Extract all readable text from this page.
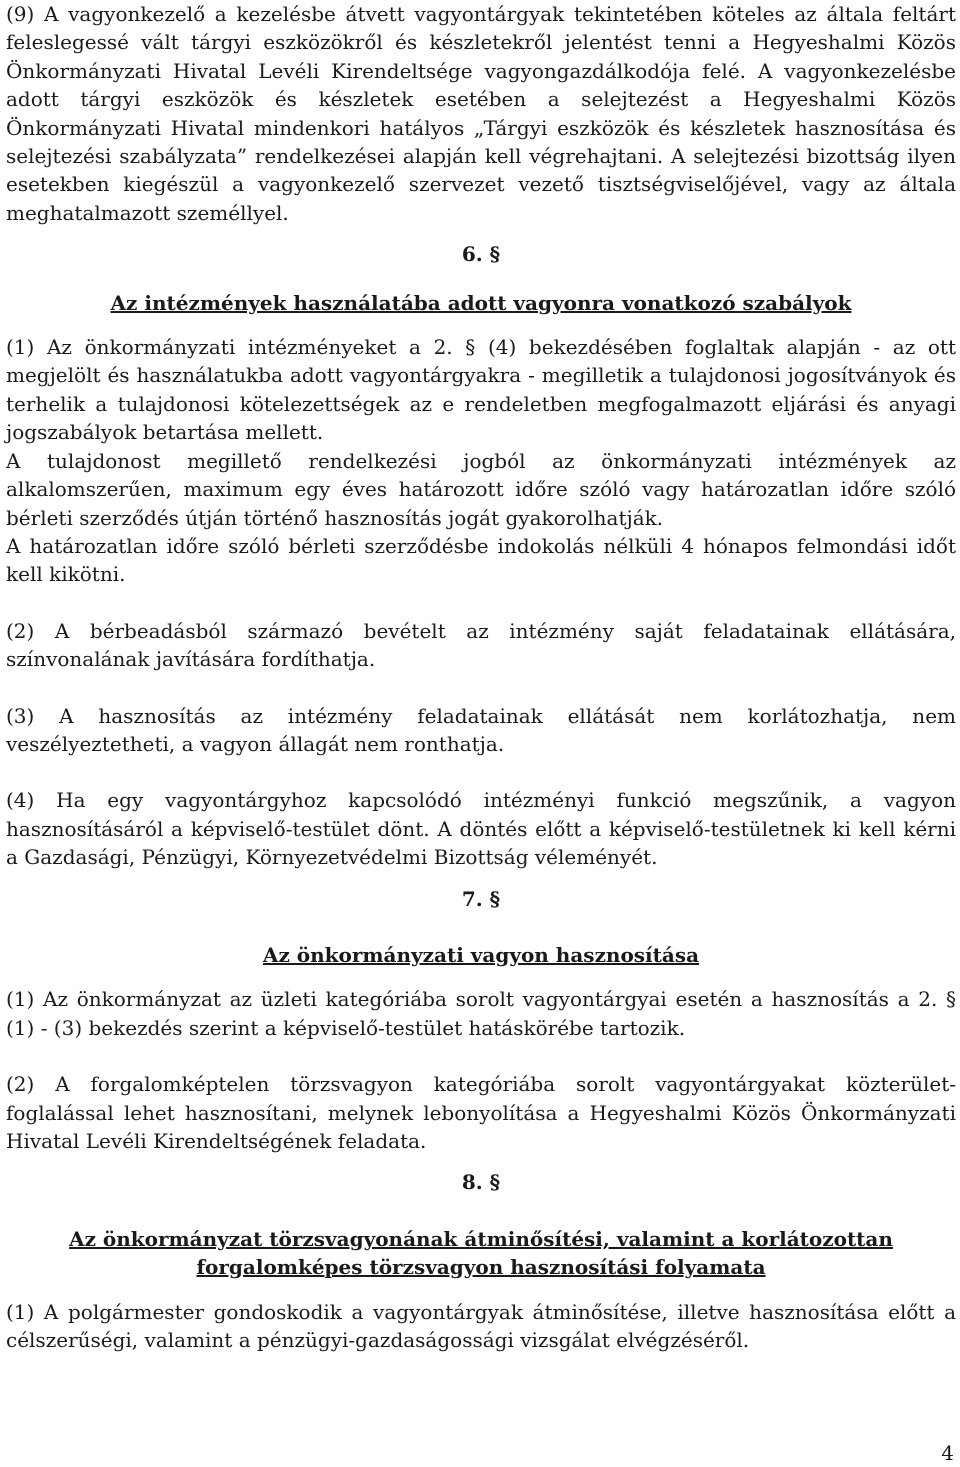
(9) A vagyonkezelő a kezelésbe átvett vagyontárgyak tekintetében köteles az általa feltárt feleslegessé vált tárgyi eszközökről és készletekről jelentést tenni a Hegyeshalmi Közös Önkormányzati Hivatal Levéli Kirendeltsége vagyongazdálkodója felé. A vagyonkezelésbe adott tárgyi eszközök és készletek esetében a selejtezést a Hegyeshalmi Közös Önkormányzati Hivatal mindenkori hatályos „Tárgyi eszközök és készletek hasznosítása és selejtezési szabályzata” rendelkezései alapján kell végrehajtani. A selejtezési bizottság ilyen esetekben kiegészül a vagyonkezelő szervezet vezető tisztségviselőjével, vagy az általa meghatalmazott személlyel.

6. §
Az intézmények használatába adott vagyonra vonatkozó szabályok

(1) Az önkormányzati intézményeket a 2. § (4) bekezdésében foglaltak alapján - az ott megjelölt és használatukba adott vagyontárgyakra - megilletik a tulajdonosi jogosítványok és terhelik a tulajdonosi kötelezettségek az e rendeletben megfogalmazott eljárási és anyagi jogszabályok betartása mellett.

A tulajdonost megillető rendelkezési jogból az önkormányzati intézmények az alkalomszerűen, maximum egy éves határozott időre szóló vagy határozatlan időre szóló bérleti szerződés útján történő hasznosítás jogát gyakorolhatják.

A határozatlan időre szóló bérleti szerződésbe indokolás nélküli 4 hónapos felmondási időt kell kikötni.

(2) A bérbeadásból származó bevételt az intézmény saját feladatainak ellátására, színvonalának javítására fordíthatja.

(3) A hasznosítás az intézmény feladatainak ellátását nem korlátozhatja, nem veszélyeztetheti, a vagyon állagát nem ronthatja.

(4) Ha egy vagyontárgyhoz kapcsolódó intézményi funkció megszűnik, a vagyon hasznosításáról a képviselő-testület dönt. A döntés előtt a képviselő-testületnek ki kell kérni a Gazdasági, Pénzügyi, Környezetvédelmi Bizottság véleményét.

7. §
Az önkormányzati vagyon hasznosítása

(1) Az önkormányzat az üzleti kategóriába sorolt vagyontárgyai esetén a hasznosítás a 2. § (1) - (3) bekezdés szerint a képviselő-testület hatáskörébe tartozik.

(2) A forgalomképtelen törzsvagyon kategóriába sorolt vagyontárgyakat közterület-foglalással lehet hasznosítani, melynek lebonyolítása a Hegyeshalmi Közös Önkormányzati Hivatal Levéli Kirendeltségének feladata.

8. §
Az önkormányzat törzsvagyonának átminősítési, valamint a korlátozottan
forgalomképes törzsvagyon hasznosítási folyamata

(1) A polgármester gondoskodik a vagyontárgyak átminősítése, illetve hasznosítása előtt a célszerűségi, valamint a pénzügyi-gazdaságossági vizsgálat elvégzéséről.

4
